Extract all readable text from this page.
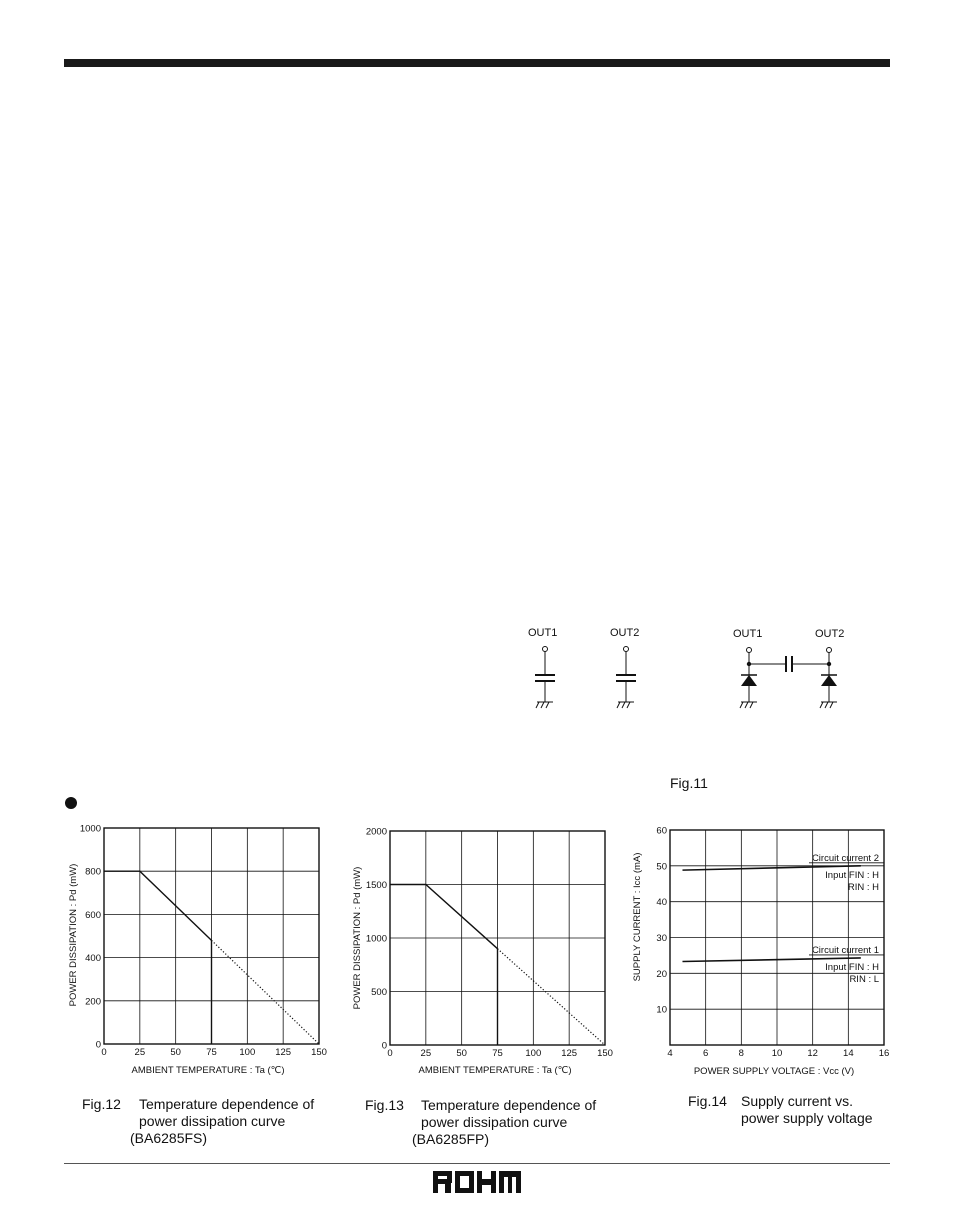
OUT1	OUT2	OUT1	OUT2
Fig.11
0	25	50	75 100 125 150
0
200
400
600
800
1000
AMBIENT TEMPERATURE : Ta (℃)
POWER DISSIPATION : Pd (mW)
Fig.12 Temperature dependence of
power dissipation curve
(BA6285FS)
0	25	50	75 100 125 150
0
500
1000
1500
2000
AMBIENT TEMPERATURE : Ta (℃)
POWER DISSIPATION : Pd (mW)
Fig.13 Temperature dependence of
power dissipation curve
(BA6285FP)
4	6	8	10	12	14	16
10
20
30
40
50
60
Circuit current 2
Input FIN : H
RIN : H
Circuit current 1
Input FIN : H
RIN : L
POWER SUPPLY VOLTAGE : Vcc (V)
SUPPLY CURRENT : Icc (mA)
Fig.14 Supply current vs.
power supply voltage
